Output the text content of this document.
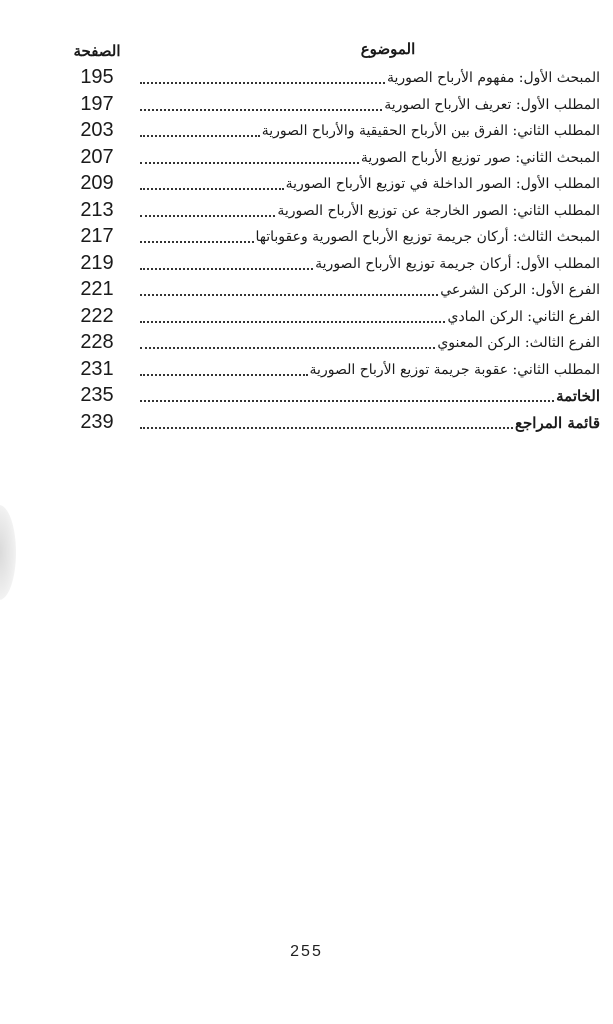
الصفحة	الموضوع
195	المبحث الأول: مفهوم الأرباح الصورية
197	المطلب الأول: تعريف الأرباح الصورية
203	المطلب الثاني: الفرق بين الأرباح الحقيقية والأرباح الصورية
207	المبحث الثاني: صور توزيع الأرباح الصورية
209	المطلب الأول: الصور الداخلة في توزيع الأرباح الصورية
213	المطلب الثاني: الصور الخارجة عن توزيع الأرباح الصورية
217	المبحث الثالث: أركان جريمة توزيع الأرباح الصورية وعقوباتها
219	المطلب الأول: أركان جريمة توزيع الأرباح الصورية
221	الفرع الأول: الركن الشرعي
222	الفرع الثاني: الركن المادي
228	الفرع الثالث: الركن المعنوي
231	المطلب الثاني: عقوبة جريمة توزيع الأرباح الصورية
235	الخاتمة
239	قائمة المراجع
255
